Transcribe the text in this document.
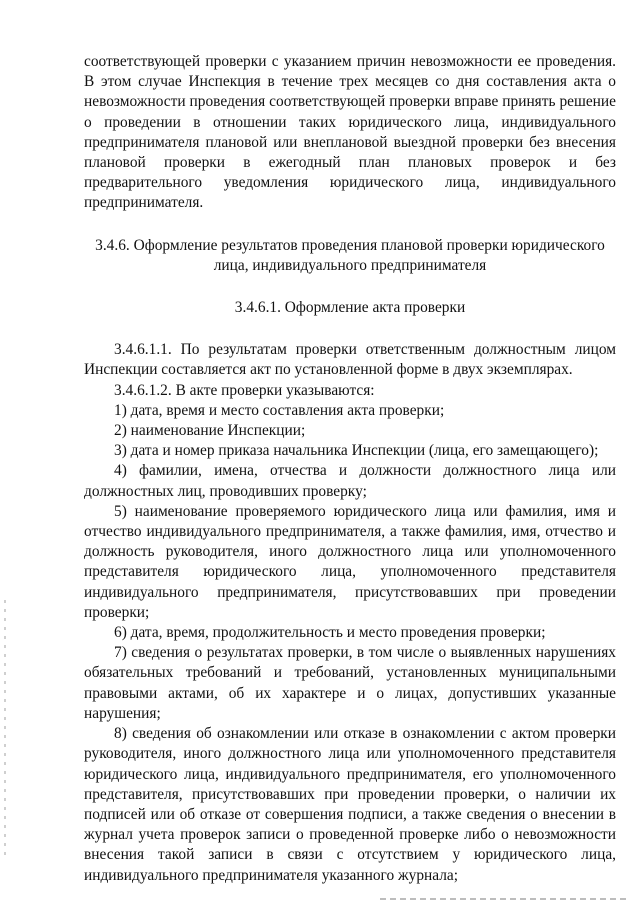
соответствующей проверки с указанием причин невозможности ее проведения. В этом случае Инспекция в течение трех месяцев со дня составления акта о невозможности проведения соответствующей проверки вправе принять решение о проведении в отношении таких юридического лица, индивидуального предпринимателя плановой или внеплановой выездной проверки без внесения плановой проверки в ежегодный план плановых проверок и без предварительного уведомления юридического лица, индивидуального предпринимателя.

3.4.6. Оформление результатов проведения плановой проверки юридического

лица, индивидуального предпринимателя

3.4.6.1. Оформление акта проверки

3.4.6.1.1. По результатам проверки ответственным должностным лицом Инспекции составляется акт по установленной форме в двух экземплярах.

3.4.6.1.2. В акте проверки указываются:

1) дата, время и место составления акта проверки;

2) наименование Инспекции;

3) дата и номер приказа начальника Инспекции (лица, его замещающего);

4) фамилии, имена, отчества и должности должностного лица или должностных лиц, проводивших проверку;

5) наименование проверяемого юридического лица или фамилия, имя и отчество индивидуального предпринимателя, а также фамилия, имя, отчество и должность руководителя, иного должностного лица или уполномоченного представителя юридического лица, уполномоченного представителя индивидуального предпринимателя, присутствовавших при проведении проверки;

6) дата, время, продолжительность и место проведения проверки;

7) сведения о результатах проверки, в том числе о выявленных нарушениях обязательных требований и требований, установленных муниципальными правовыми актами, об их характере и о лицах, допустивших указанные нарушения;

8) сведения об ознакомлении или отказе в ознакомлении с актом проверки руководителя, иного должностного лица или уполномоченного представителя юридического лица, индивидуального предпринимателя, его уполномоченного представителя, присутствовавших при проведении проверки, о наличии их подписей или об отказе от совершения подписи, а также сведения о внесении в журнал учета проверок записи о проведенной проверке либо о невозможности внесения такой записи в связи с отсутствием у юридического лица, индивидуального предпринимателя указанного журнала;
